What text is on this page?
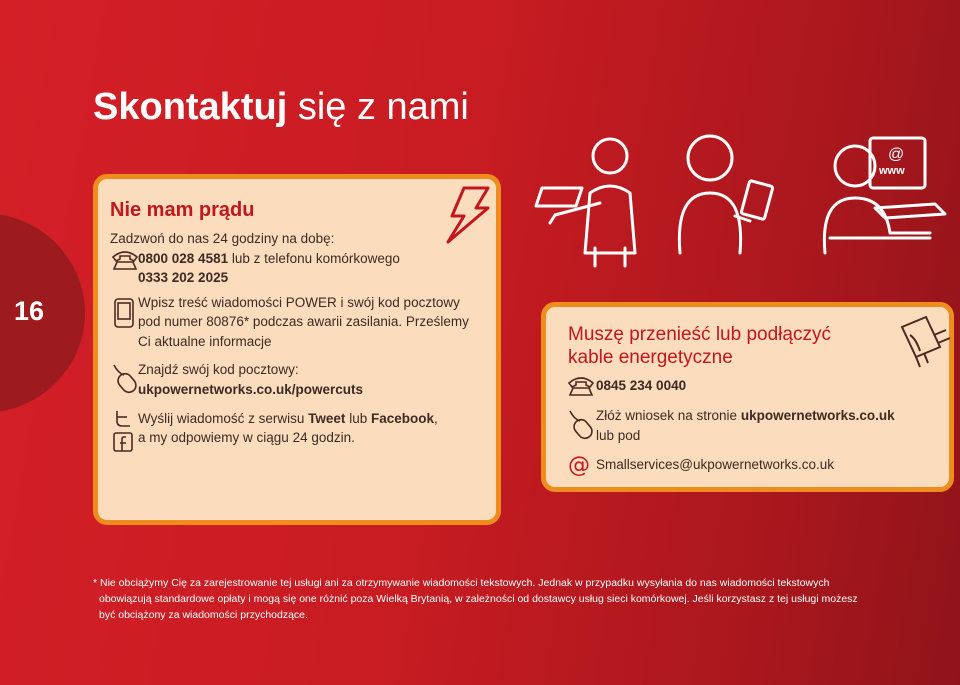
Skontaktuj się z nami
16
@
www
Nie mam prądu
Zadzwoń do nas 24 godziny na dobę:
0800 028 4581 lub z telefonu komórkowego
0333 202 2025
Wpisz treść wiadomości POWER i swój kod pocztowy
pod numer 80876* podczas awarii zasilania. Prześlemy
Ci aktualne informacje
Znajdź swój kod pocztowy:
ukpowernetworks.co.uk/powercuts
Wyślij wiadomość z serwisu Tweet lub Facebook,
a my odpowiemy w ciągu 24 godzin.
Muszę przenieść lub podłączyć
kable energetyczne
0845 234 0040
Złóż wniosek na stronie ukpowernetworks.co.uk
lub pod
@ Smallservices@ukpowernetworks.co.uk
* Nie obciążymy Cię za zarejestrowanie tej usługi ani za otrzymywanie wiadomości tekstowych. Jednak w przypadku wysyłania do nas wiadomości tekstowych
obowiązują standardowe opłaty i mogą się one różnić poza Wielką Brytanią, w zależności od dostawcy usług sieci komórkowej. Jeśli korzystasz z tej usługi możesz
być obciążony za wiadomości przychodzące.
